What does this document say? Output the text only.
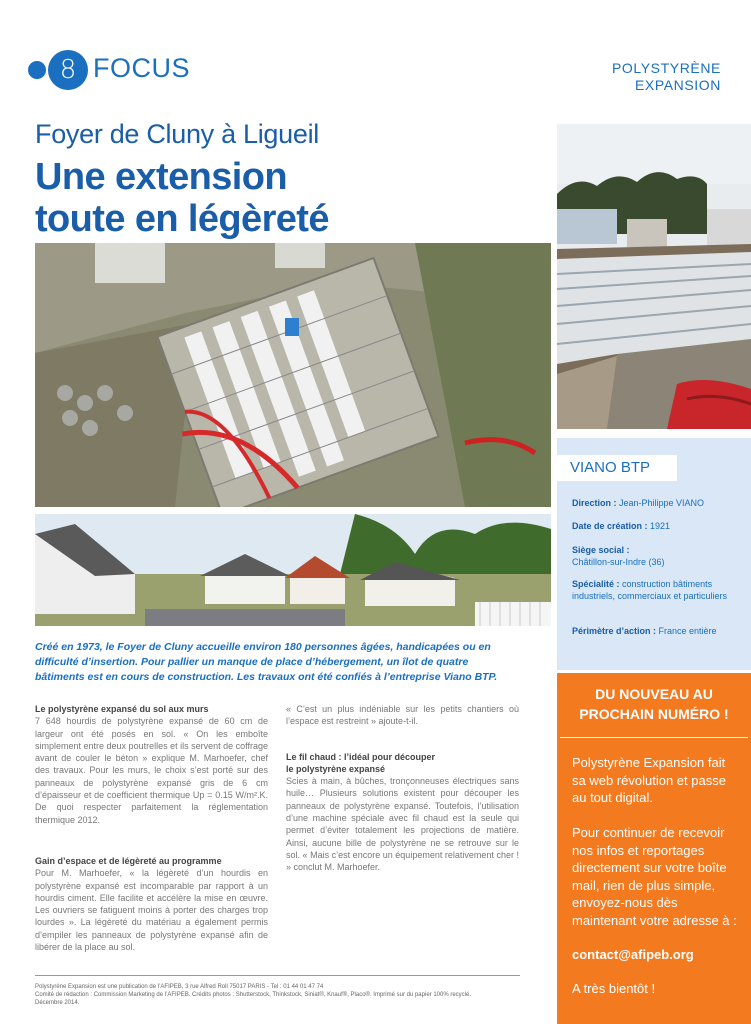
8 FOCUS	POLYSTYRÈNE
EXPANSION
Foyer de Cluny à Ligueil
Une extension
toute en légèreté
VIANO BTP
Direction : Jean-Philippe VIANO
Date de création : 1921
Siège social :
Châtillon-sur-Indre (36)
Spécialité : construction bâtiments industriels, commerciaux et particuliers
Périmètre d’action : France entière
DU NOUVEAU AU
PROCHAIN NUMÉRO !
Polystyrène Expansion fait sa web révolution et passe au tout digital.
Pour continuer de recevoir nos infos et reportages directement sur votre boîte mail, rien de plus simple, envoyez-nous dès maintenant votre adresse à :
contact@afipeb.org
A très bientôt !
Créé en 1973, le Foyer de Cluny accueille environ 180 personnes âgées, handicapées ou en difficulté d’insertion. Pour pallier un manque de place d’hébergement, un îlot de quatre bâtiments est en cours de construction. Les travaux ont été confiés à l’entreprise Viano BTP.
Le polystyrène expansé du sol aux murs
7 648 hourdis de polystyrène expansé de 60 cm de largeur ont été posés en sol. « On les emboîte simplement entre deux poutrelles et ils servent de coffrage avant de couler le béton » explique M. Marhoefer, chef des travaux. Pour les murs, le choix s’est porté sur des panneaux de polystyrène expansé gris de 6 cm d’épaisseur et de coefficient thermique Up = 0.15 W/m².K. De quoi respecter parfaitement la réglementation thermique 2012.
Gain d’espace et de légèreté au programme
Pour M. Marhoefer, « la légèreté d’un hourdis en polystyrène expansé est incomparable par rapport à un hourdis ciment. Elle facilite et accélère la mise en œuvre. Les ouvriers se fatiguent moins à porter des charges trop lourdes ». La légèreté du matériau a également permis d’empiler les panneaux de polystyrène expansé afin de libérer de la place au sol.
« C’est un plus indéniable sur les petits chantiers où l’espace est restreint » ajoute-t-il.
Le fil chaud : l’idéal pour découper
le polystyrène expansé
Scies à main, à bûches, tronçonneuses électriques sans huile… Plusieurs solutions existent pour découper les panneaux de polystyrène expansé. Toutefois, l’utilisation d’une machine spéciale avec fil chaud est la seule qui permet d’éviter totalement les projections de matière. Ainsi, aucune bille de polystyrène ne se retrouve sur le sol. « Mais c’est encore un équipement relativement cher ! » conclut M. Marhoefer.
Polystyrène Expansion est une publication de l’AFIPEB, 3 rue Alfred Roll 75017 PARIS - Tel : 01 44 01 47 74
Comité de rédaction : Commission Marketing de l’AFIPEB. Crédits photos : Shutterstock, Thinkstock, Siniat®, Knauf®, Placo®. Imprimé sur du papier 100% recyclé.
Décembre 2014.
